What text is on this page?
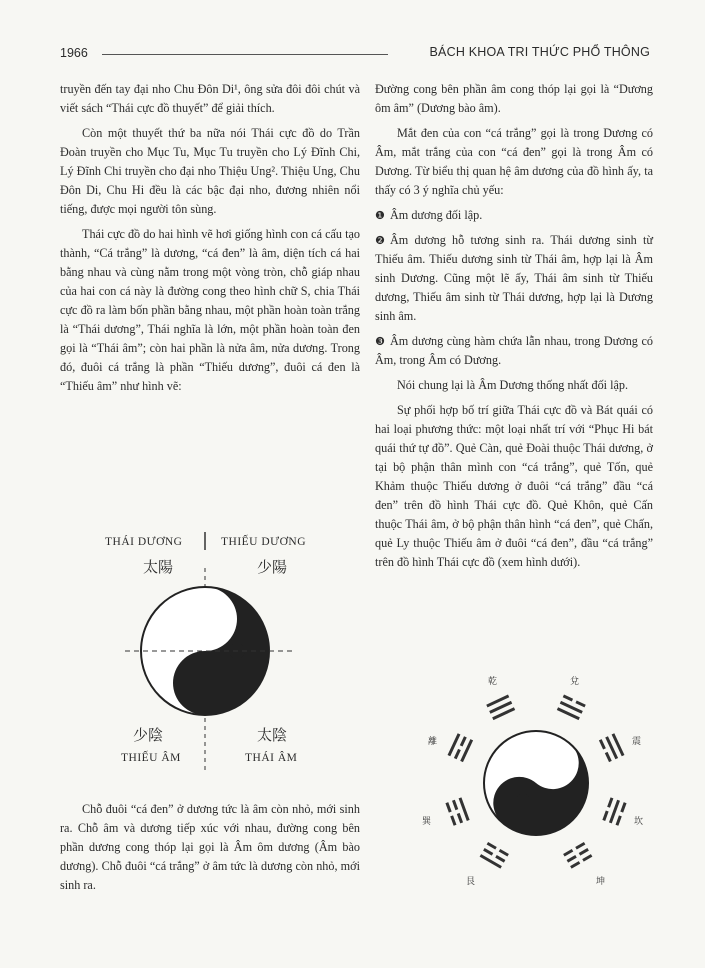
1966	BÁCH KHOA TRI THỨC PHỔ THÔNG

truyền đến tay đại nho Chu Đôn Di¹, ông sửa đôi đôi chút và viết sách “Thái cực đồ thuyết” để giải thích.

Còn một thuyết thứ ba nữa nói Thái cực đồ do Trần Đoàn truyền cho Mục Tu, Mục Tu truyền cho Lý Đĩnh Chi, Lý Đĩnh Chi truyền cho đại nho Thiệu Ung². Thiệu Ung, Chu Đôn Di, Chu Hi đều là các bậc đại nho, đương nhiên nổi tiếng, được mọi người tôn sùng.

Thái cực đồ do hai hình vẽ hơi giống hình con cá cấu tạo thành, “Cá trắng” là dương, “cá đen” là âm, diện tích cá hai bằng nhau và cùng nằm trong một vòng tròn, chỗ giáp nhau của hai con cá này là đường cong theo hình chữ S, chia Thái cực đồ ra làm bốn phần bằng nhau, một phần hoàn toàn trắng là “Thái dương”, Thái nghĩa là lớn, một phần hoàn toàn đen gọi là “Thái âm”; còn hai phần là nửa âm, nửa dương. Trong đó, đuôi cá trắng là phần “Thiếu dương”, đuôi cá đen là “Thiếu âm” như hình vẽ:

THÁI DƯƠNG	THIẾU DƯƠNG
太陽	少陽
少陰	太陰
THIẾU ÂM	THÁI ÂM

Chỗ đuôi “cá đen” ở dương tức là âm còn nhỏ, mới sinh ra. Chỗ âm và dương tiếp xúc với nhau, đường cong bên phần dương cong thóp lại gọi là Âm ôm dương (Âm bào dương). Chỗ đuôi “cá trắng” ở âm tức là dương còn nhỏ, mới sinh ra.

Đường cong bên phần âm cong thóp lại gọi là “Dương ôm âm” (Dương bào âm).

Mắt đen của con “cá trắng” gọi là trong Dương có Âm, mắt trắng của con “cá đen” gọi là trong Âm có Dương. Từ biểu thị quan hệ âm dương của đồ hình ấy, ta thấy có 3 ý nghĩa chủ yếu:

❶ Âm dương đối lập.

❷ Âm dương hỗ tương sinh ra. Thái dương sinh từ Thiếu âm. Thiếu dương sinh từ Thái âm, hợp lại là Âm sinh Dương. Cũng một lẽ ấy, Thái âm sinh từ Thiếu dương, Thiếu âm sinh từ Thái dương, hợp lại là Dương sinh âm.

❸ Âm dương cùng hàm chứa lẫn nhau, trong Dương có Âm, trong Âm có Dương.

Nói chung lại là Âm Dương thống nhất đối lập.

Sự phối hợp bố trí giữa Thái cực đồ và Bát quái có hai loại phương thức: một loại nhất trí với “Phục Hi bát quái thứ tự đồ”. Quẻ Càn, quẻ Đoài thuộc Thái dương, ở tại bộ phận thân mình con “cá trắng”, quẻ Tốn, quẻ Khảm thuộc Thiếu dương ở đuôi “cá trắng” đầu “cá đen” trên đồ hình Thái cực đồ. Quẻ Khôn, quẻ Cấn thuộc Thái âm, ở bộ phận thân hình “cá đen”, quẻ Chấn, quẻ Ly thuộc Thiếu âm ở đuôi “cá đen”, đầu “cá trắng” trên đồ hình Thái cực đồ (xem hình dưới).

乾	兌
離	震
巽	坎
艮	坤
